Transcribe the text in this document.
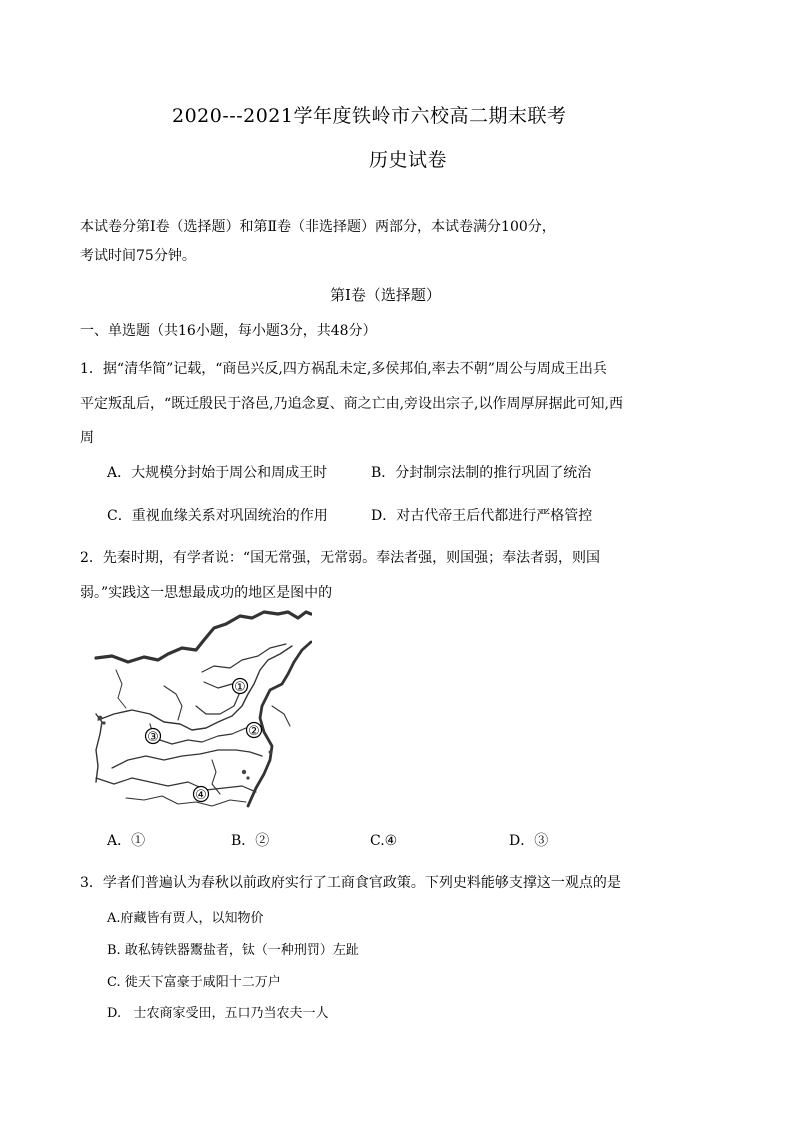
2020---2021学年度铁岭市六校高二期末联考
历史试卷
本试卷分第Ⅰ卷（选择题）和第Ⅱ卷（非选择题）两部分，本试卷满分100分，
考试时间75分钟。
第Ⅰ卷（选择题）
一、单选题（共16小题，每小题3分，共48分）
1．据“清华简”记载，“商邑兴反,四方祸乱未定,多侯邦伯,率去不朝”周公与周成王出兵
平定叛乱后，“既迁殷民于洛邑,乃追念夏、商之亡由,旁设出宗子,以作周厚屏据此可知,西
周
A．大规模分封始于周公和周成王时	B．分封制宗法制的推行巩固了统治
C．重视血缘关系对巩固统治的作用	D．对古代帝王后代都进行严格管控
2．先秦时期，有学者说：“国无常强，无常弱。奉法者强，则国强；奉法者弱，则国
弱。”实践这一思想最成功的地区是图中的
①
②
③
④
A．①	B．②	C.④	D．③
3．学者们普遍认为春秋以前政府实行了工商食官政策。下列史料能够支撑这一观点的是
A.府藏皆有贾人，以知物价
B. 敢私铸铁器鬻盐者，钛（一种刑罚）左趾
C. 徙天下富豪于咸阳十二万户
D.   士农商家受田，五口乃当农夫一人
